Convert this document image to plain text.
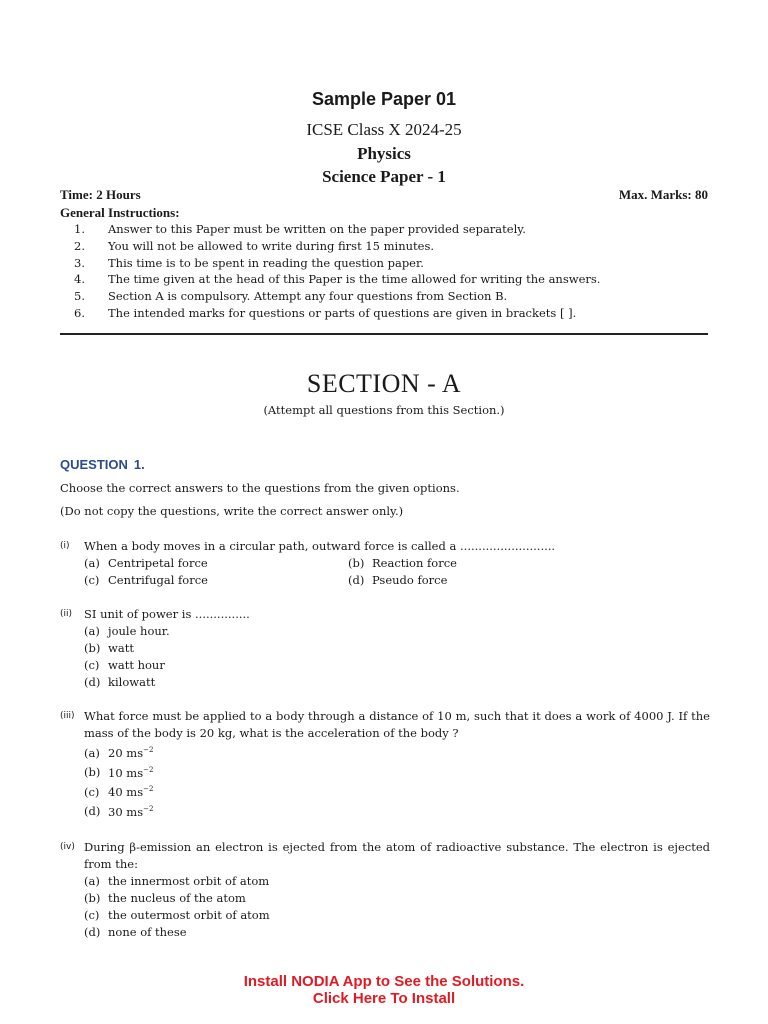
Sample Paper 01
ICSE Class X 2024-25
Physics
Science Paper - 1
Time: 2 Hours	Max. Marks: 80
General Instructions:
1. Answer to this Paper must be written on the paper provided separately.
2. You will not be allowed to write during first 15 minutes.
3. This time is to be spent in reading the question paper.
4. The time given at the head of this Paper is the time allowed for writing the answers.
5. Section A is compulsory. Attempt any four questions from Section B.
6. The intended marks for questions or parts of questions are given in brackets [ ].
SECTION - A
(Attempt all questions from this Section.)
QUESTION 1.
Choose the correct answers to the questions from the given options.
(Do not copy the questions, write the correct answer only.)
(i) When a body moves in a circular path, outward force is called a ..........................
(a) Centripetal force	(b) Reaction force
(c) Centrifugal force	(d) Pseudo force
(ii) SI unit of power is ...............
(a) joule hour.
(b) watt
(c) watt hour
(d) kilowatt
(iii) What force must be applied to a body through a distance of 10 m, such that it does a work of 4000 J. If the mass of the body is 20 kg, what is the acceleration of the body ?
(a) 20 $ms^{-2}$
(b) 10 $ms^{-2}$
(c) 40 $ms^{-2}$
(d) 30 $ms^{-2}$
(iv) During β-emission an electron is ejected from the atom of radioactive substance. The electron is ejected from the:
(a) the innermost orbit of atom
(b) the nucleus of the atom
(c) the outermost orbit of atom
(d) none of these
Install NODIA App to See the Solutions.
Click Here To Install
